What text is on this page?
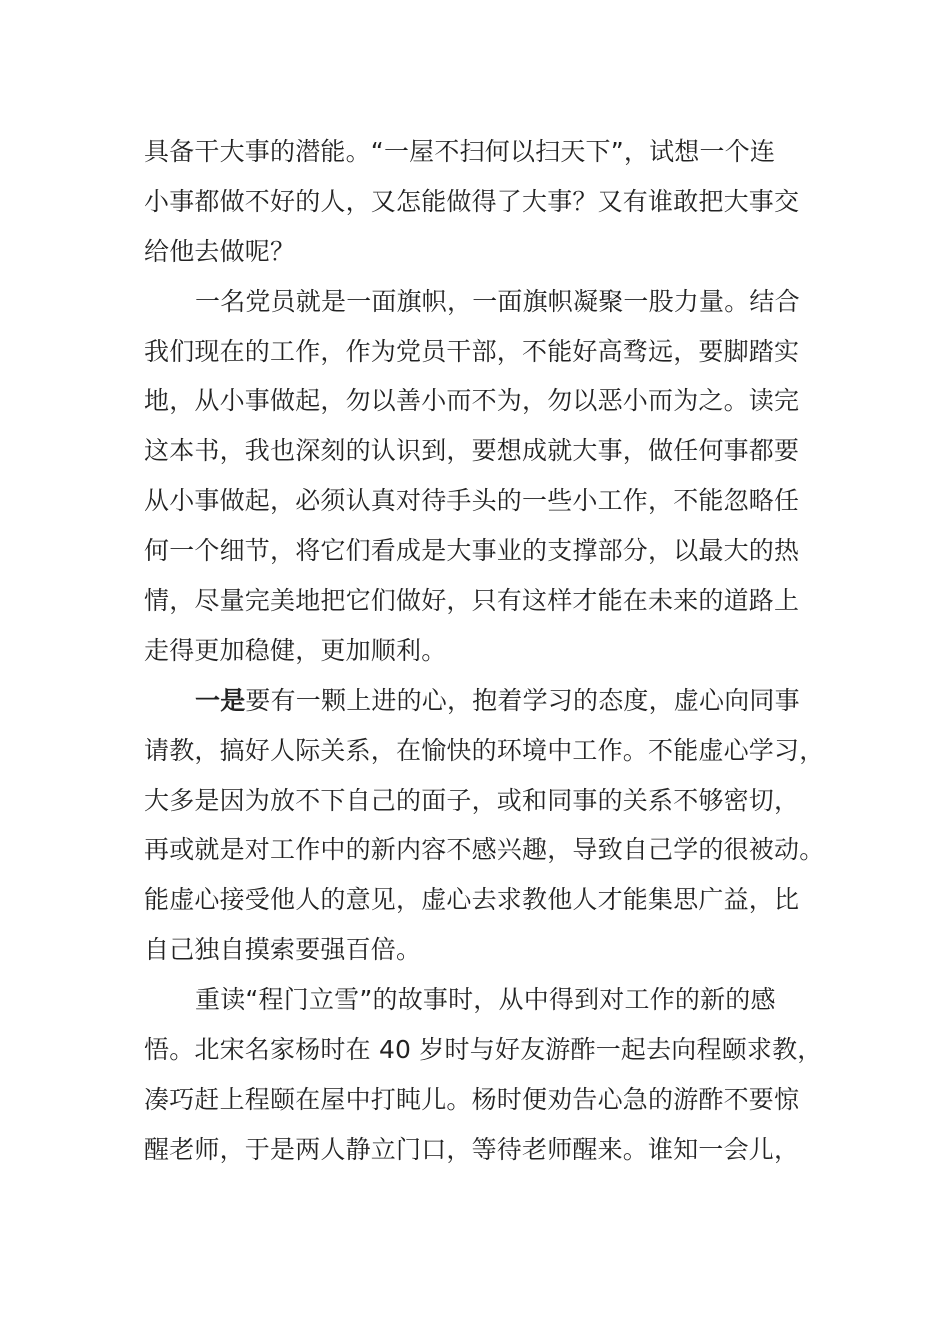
具备干大事的潜能。“一屋不扫何以扫天下”，试想一个连
小事都做不好的人，又怎能做得了大事？又有谁敢把大事交
给他去做呢？
一名党员就是一面旗帜，一面旗帜凝聚一股力量。结合
我们现在的工作，作为党员干部，不能好高骛远，要脚踏实
地，从小事做起，勿以善小而不为，勿以恶小而为之。读完
这本书，我也深刻的认识到，要想成就大事，做任何事都要
从小事做起，必须认真对待手头的一些小工作，不能忽略任
何一个细节，将它们看成是大事业的支撑部分，以最大的热
情，尽量完美地把它们做好，只有这样才能在未来的道路上
走得更加稳健，更加顺利。
一是要有一颗上进的心，抱着学习的态度，虚心向同事
请教，搞好人际关系，在愉快的环境中工作。不能虚心学习，
大多是因为放不下自己的面子，或和同事的关系不够密切，
再或就是对工作中的新内容不感兴趣，导致自己学的很被动。
能虚心接受他人的意见，虚心去求教他人才能集思广益，比
自己独自摸索要强百倍。
重读“程门立雪”的故事时，从中得到对工作的新的感
悟。北宋名家杨时在 40 岁时与好友游酢一起去向程颐求教，
凑巧赶上程颐在屋中打盹儿。杨时便劝告心急的游酢不要惊
醒老师，于是两人静立门口，等待老师醒来。谁知一会儿，
